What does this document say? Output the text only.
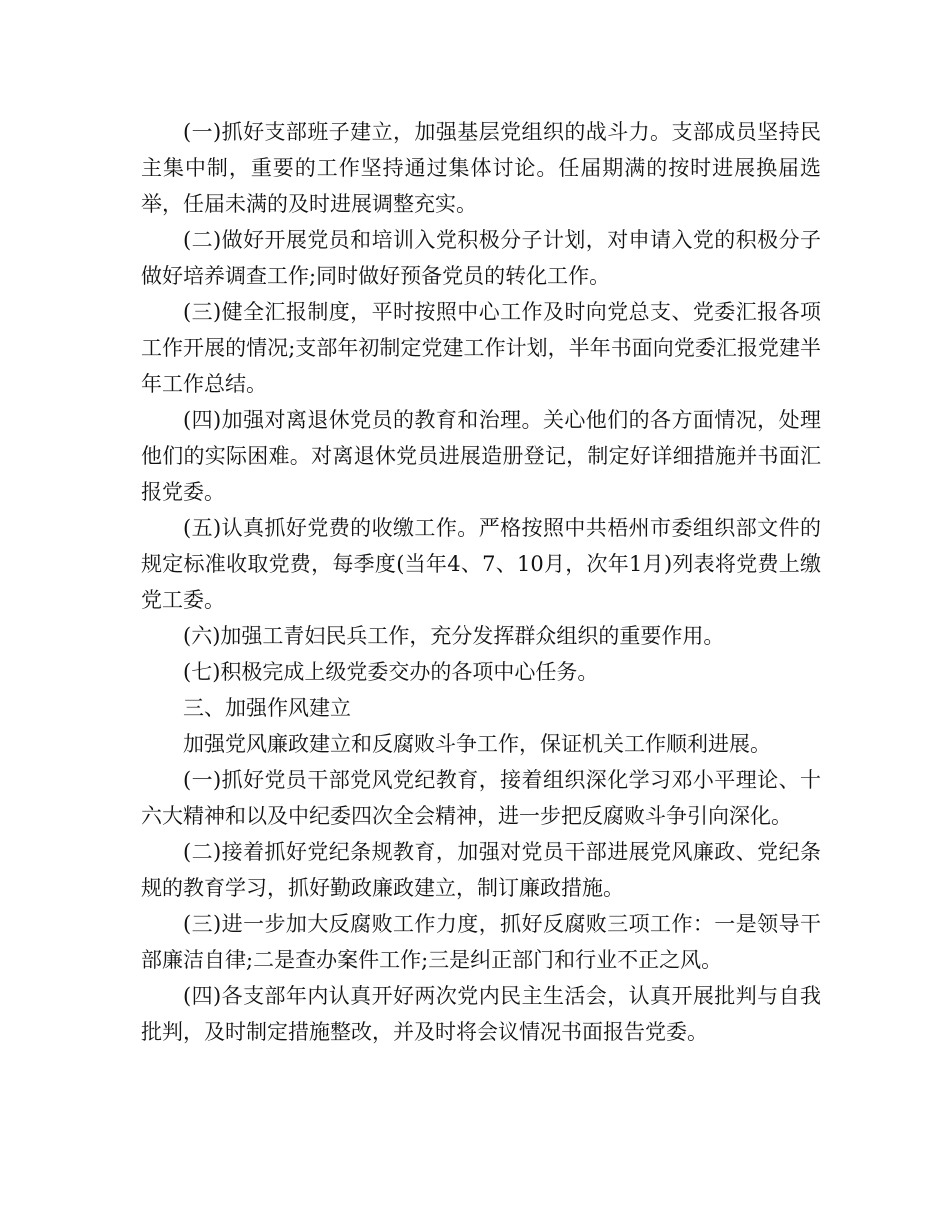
(一)抓好支部班子建立，加强基层党组织的战斗力。支部成员坚持民主集中制，重要的工作坚持通过集体讨论。任届期满的按时进展换届选举，任届未满的及时进展调整充实。

(二)做好开展党员和培训入党积极分子计划，对申请入党的积极分子做好培养调查工作;同时做好预备党员的转化工作。

(三)健全汇报制度，平时按照中心工作及时向党总支、党委汇报各项工作开展的情况;支部年初制定党建工作计划，半年书面向党委汇报党建半年工作总结。

(四)加强对离退休党员的教育和治理。关心他们的各方面情况，处理他们的实际困难。对离退休党员进展造册登记，制定好详细措施并书面汇报党委。

(五)认真抓好党费的收缴工作。严格按照中共梧州市委组织部文件的规定标准收取党费，每季度(当年4、7、10月，次年1月)列表将党费上缴党工委。

(六)加强工青妇民兵工作，充分发挥群众组织的重要作用。

(七)积极完成上级党委交办的各项中心任务。

三、加强作风建立

加强党风廉政建立和反腐败斗争工作，保证机关工作顺利进展。

(一)抓好党员干部党风党纪教育，接着组织深化学习邓小平理论、十六大精神和以及中纪委四次全会精神，进一步把反腐败斗争引向深化。

(二)接着抓好党纪条规教育，加强对党员干部进展党风廉政、党纪条规的教育学习，抓好勤政廉政建立，制订廉政措施。

(三)进一步加大反腐败工作力度，抓好反腐败三项工作：一是领导干部廉洁自律;二是查办案件工作;三是纠正部门和行业不正之风。

(四)各支部年内认真开好两次党内民主生活会，认真开展批判与自我批判，及时制定措施整改，并及时将会议情况书面报告党委。
